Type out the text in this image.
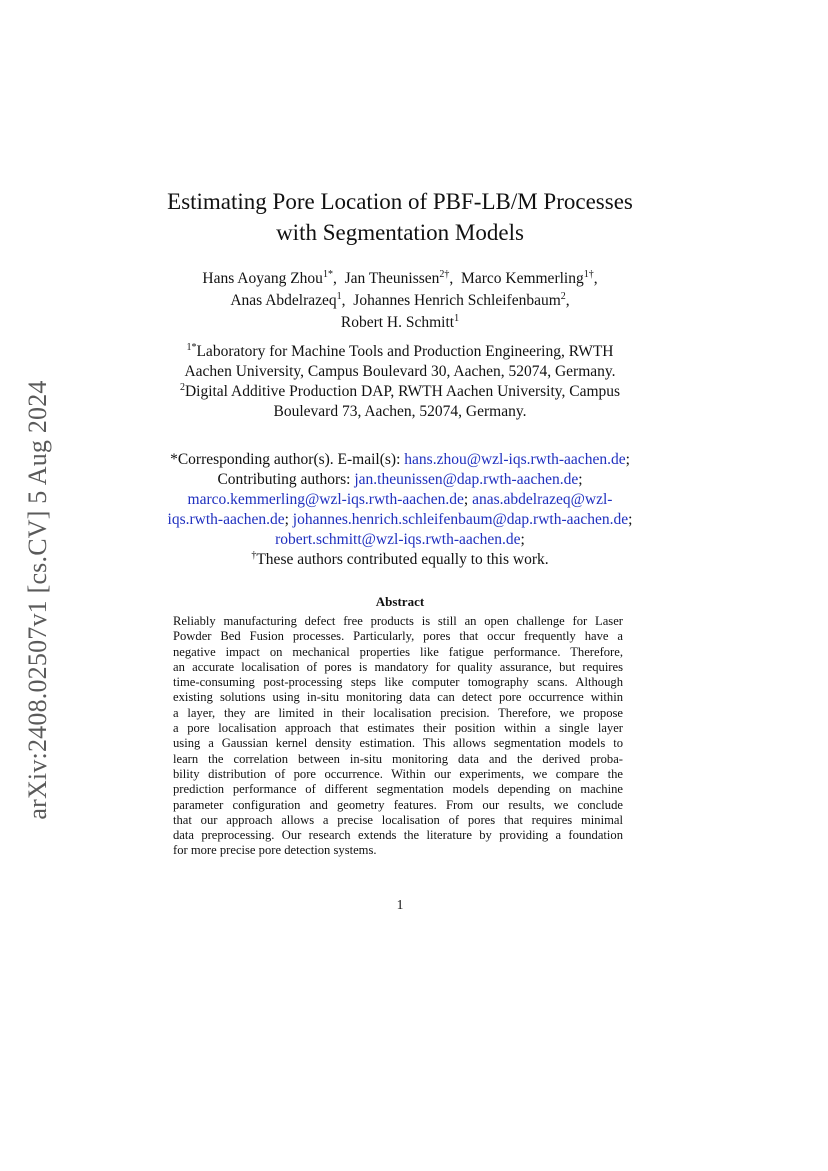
arXiv:2408.02507v1 [cs.CV] 5 Aug 2024
Estimating Pore Location of PBF-LB/M Processes
with Segmentation Models
Hans Aoyang Zhou$^{1*}$,  Jan Theunissen$^{2\dagger}$,  Marco Kemmerling$^{1\dagger}$,
Anas Abdelrazeq$^1$,  Johannes Henrich Schleifenbaum$^2$,
Robert H. Schmitt$^1$
$^{1*}$Laboratory for Machine Tools and Production Engineering, RWTH
Aachen University, Campus Boulevard 30, Aachen, 52074, Germany.
$^2$Digital Additive Production DAP, RWTH Aachen University, Campus
Boulevard 73, Aachen, 52074, Germany.
*Corresponding author(s). E-mail(s): hans.zhou@wzl-iqs.rwth-aachen.de;
Contributing authors: jan.theunissen@dap.rwth-aachen.de;
marco.kemmerling@wzl-iqs.rwth-aachen.de; anas.abdelrazeq@wzl-
iqs.rwth-aachen.de; johannes.henrich.schleifenbaum@dap.rwth-aachen.de;
robert.schmitt@wzl-iqs.rwth-aachen.de;
†These authors contributed equally to this work.
Abstract
Reliably manufacturing defect free products is still an open challenge for Laser
Powder Bed Fusion processes. Particularly, pores that occur frequently have a
negative impact on mechanical properties like fatigue performance. Therefore,
an accurate localisation of pores is mandatory for quality assurance, but requires
time-consuming post-processing steps like computer tomography scans. Although
existing solutions using in-situ monitoring data can detect pore occurrence within
a layer, they are limited in their localisation precision. Therefore, we propose
a pore localisation approach that estimates their position within a single layer
using a Gaussian kernel density estimation. This allows segmentation models to
learn the correlation between in-situ monitoring data and the derived proba-
bility distribution of pore occurrence. Within our experiments, we compare the
prediction performance of different segmentation models depending on machine
parameter configuration and geometry features. From our results, we conclude
that our approach allows a precise localisation of pores that requires minimal
data preprocessing. Our research extends the literature by providing a foundation
for more precise pore detection systems.
1
